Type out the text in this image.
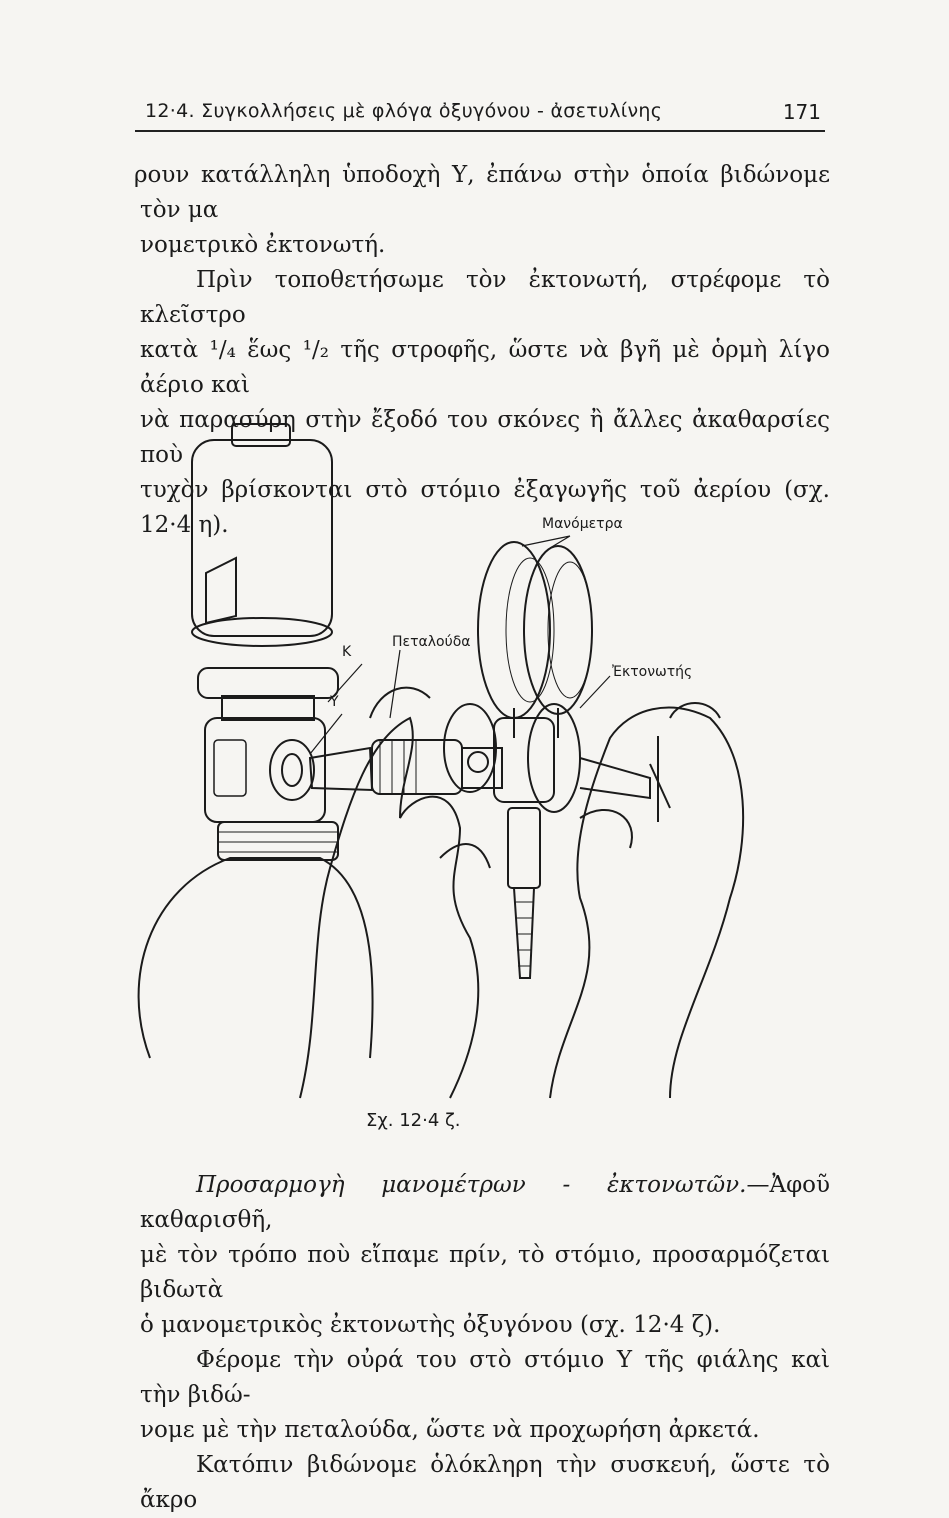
12·4. Συγκολλήσεις μὲ φλόγα ὀξυγόνου - ἀσετυλίνης	171

ρουν κατάλληλη ὑποδοχὴ Υ, ἐπάνω στὴν ὁποία βιδώνομε τὸν μα

νομετρικὸ ἐκτονωτή.

Πρὶν τοποθετήσωμε τὸν ἐκτονωτή, στρέφομε τὸ κλεῖστρο

κατὰ ¹/₄ ἕως ¹/₂ τῆς στροφῆς, ὥστε νὰ βγῆ μὲ ὁρμὴ λίγο ἀέριο καὶ

νὰ παρασύρη στὴν ἔξοδό του σκόνες ἢ ἄλλες ἀκαθαρσίες ποὺ

τυχὸν βρίσκονται στὸ στόμιο ἐξαγωγῆς τοῦ ἀερίου (σχ. 12·4 η).	Μανόμετρα
Πεταλούδα
Κ
Υ
Ἐκτονωτής
Σχ. 12·4 ζ.

Προσαρμογὴ μανομέτρων - ἐκτονωτῶν.—Ἀφοῦ καθαρισθῆ,

μὲ τὸν τρόπο ποὺ εἴπαμε πρίν, τὸ στόμιο, προσαρμόζεται βιδωτὰ

ὁ μανομετρικὸς ἐκτονωτὴς ὀξυγόνου (σχ. 12·4 ζ).

Φέρομε τὴν οὐρά του στὸ στόμιο Υ τῆς φιάλης καὶ τὴν βιδώ-

νομε μὲ τὴν πεταλούδα, ὥστε νὰ προχωρήση ἀρκετά.

Κατόπιν βιδώνομε ὁλόκληρη τὴν συσκευή, ὥστε τὸ ἄκρο
